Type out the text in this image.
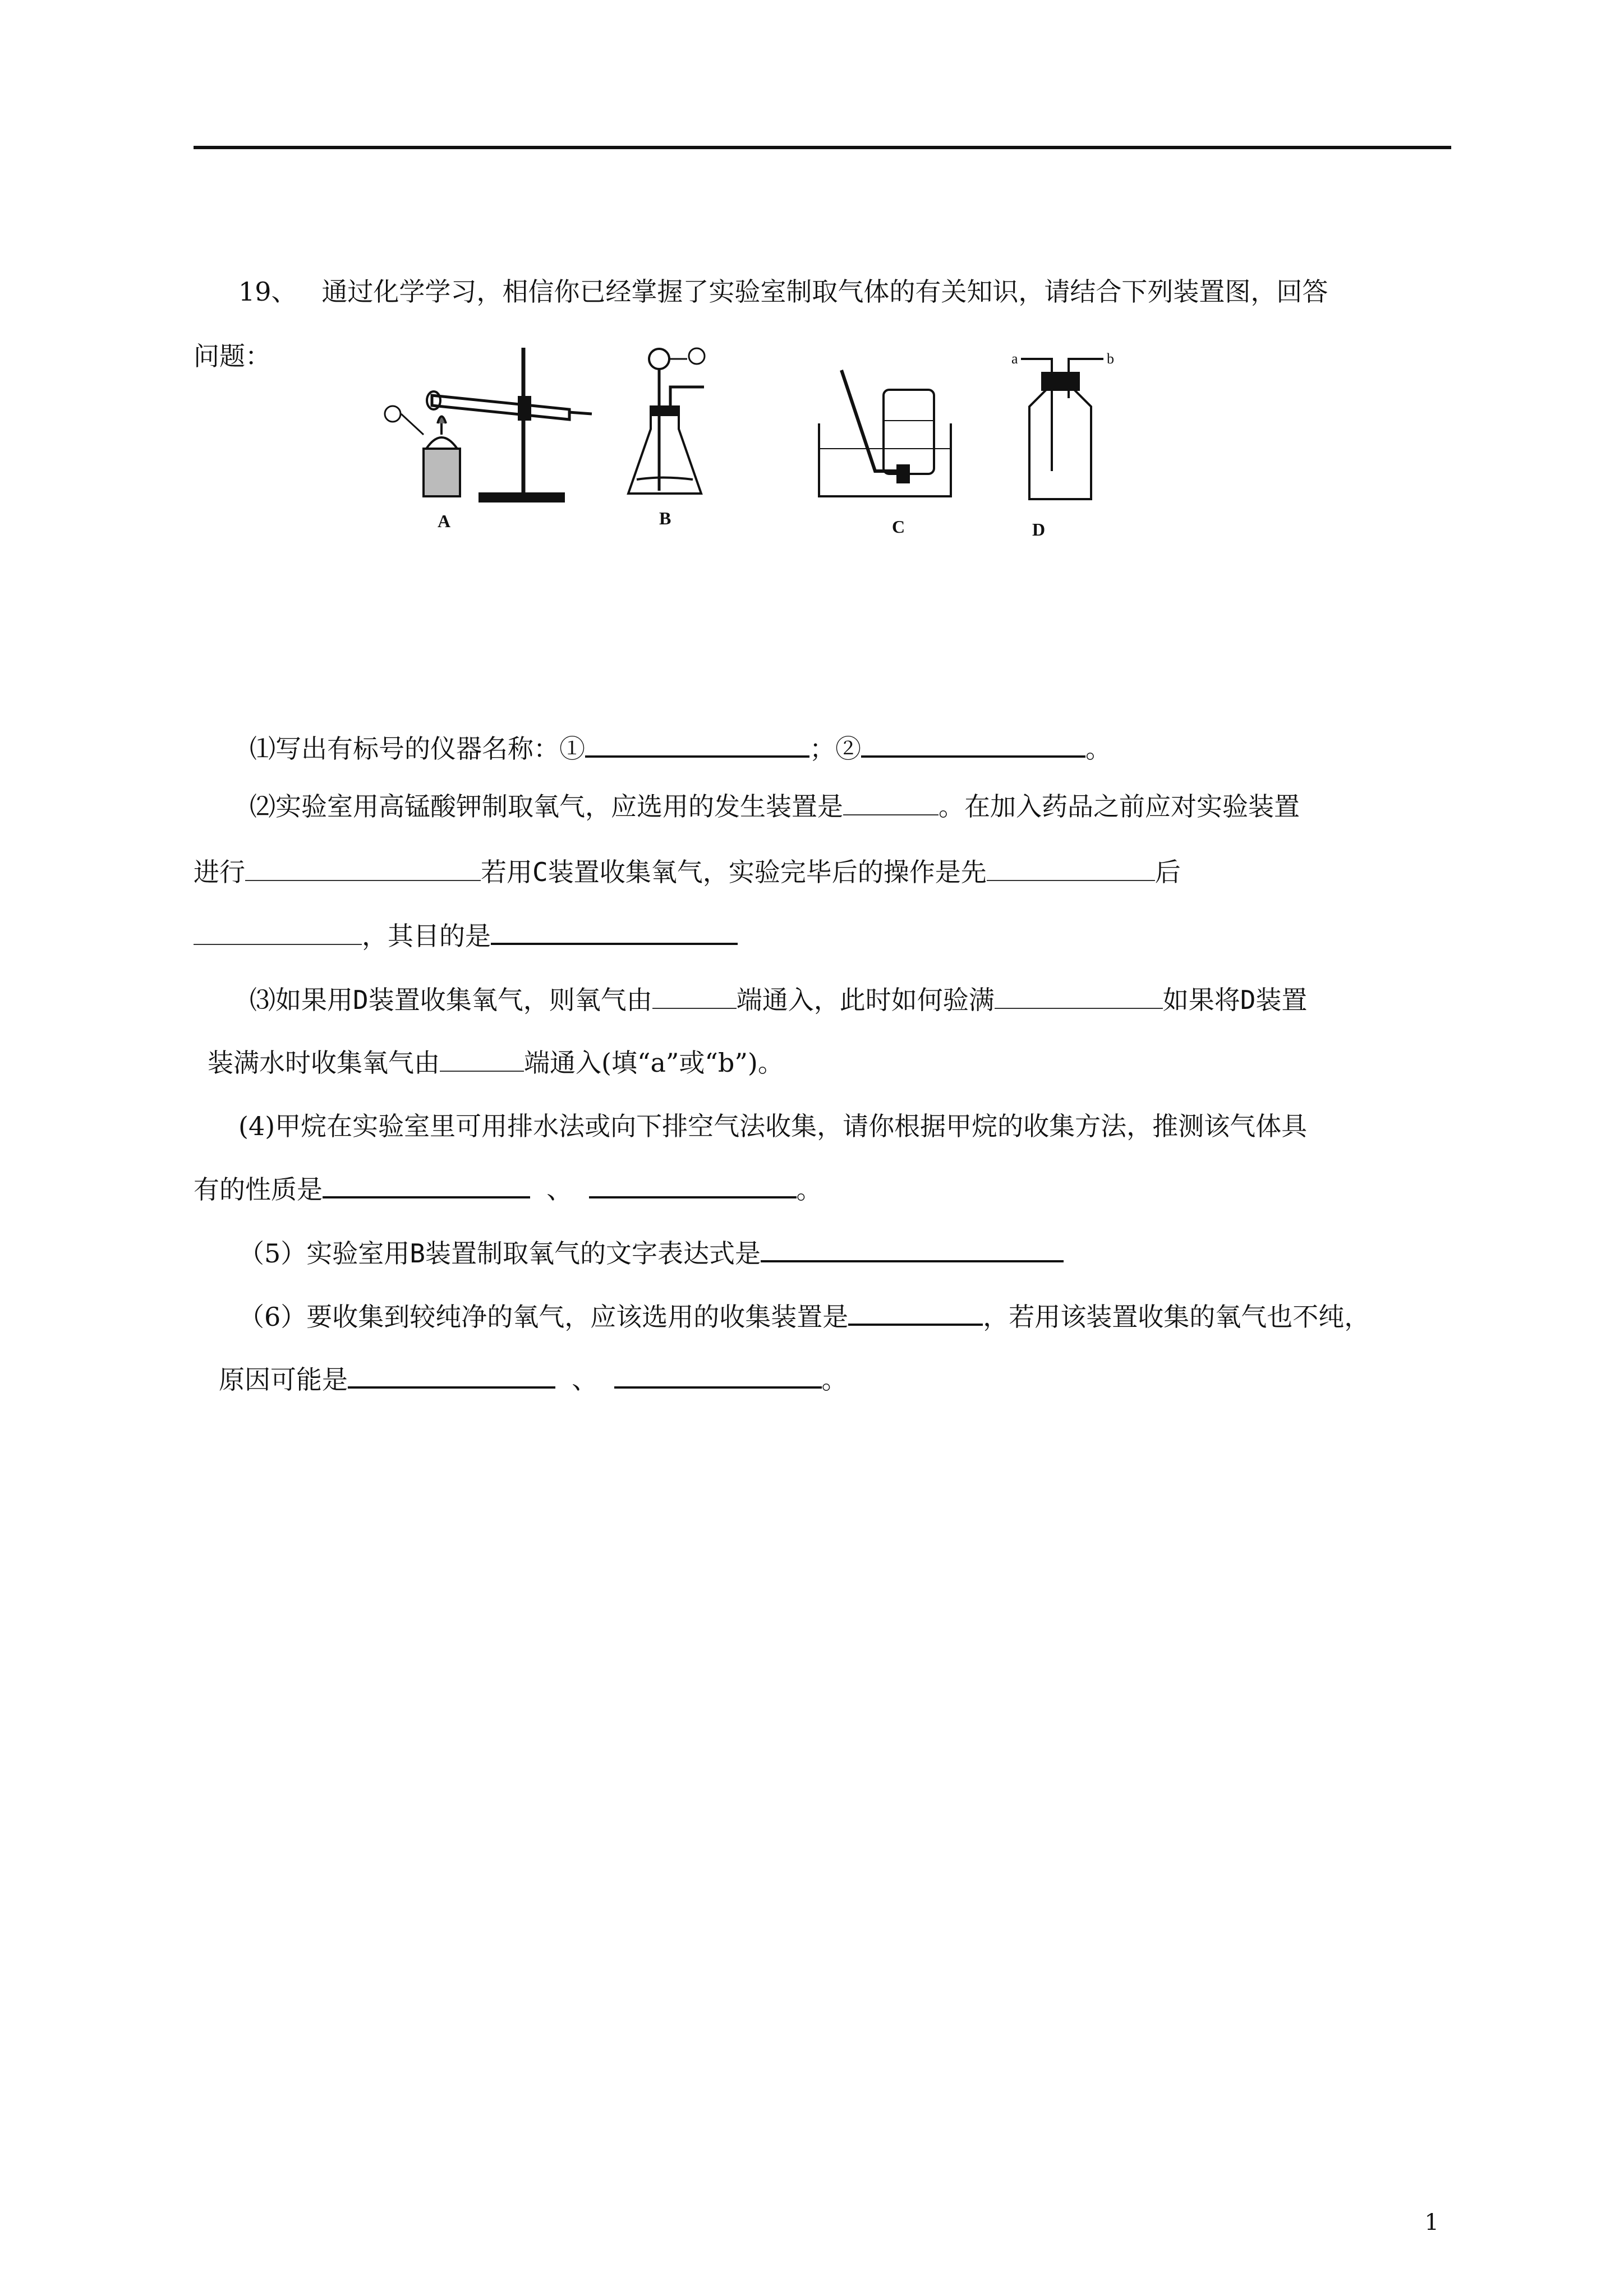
19、 通过化学学习，相信你已经掌握了实验室制取气体的有关知识，请结合下列装置图，回答
问题：
A	B	C	D
a	b
⑴写出有标号的仪器名称：①	；②	。
⑵实验室用高锰酸钾制取氧气，应选用的发生装置是	。在加入药品之前应对实验装置
进行	若用C装置收集氧气，实验完毕后的操作是先	后
，其目的是
⑶如果用D装置收集氧气，则氧气由	端通入，此时如何验满	如果将D装置
装满水时收集氧气由	端通入(填“a”或“b”)。
(4)甲烷在实验室里可用排水法或向下排空气法收集，请你根据甲烷的收集方法，推测该气体具
有的性质是	、	。
（5）实验室用B装置制取氧气的文字表达式是
（6）要收集到较纯净的氧气，应该选用的收集装置是	，若用该装置收集的氧气也不纯，
原因可能是	、	。
1
